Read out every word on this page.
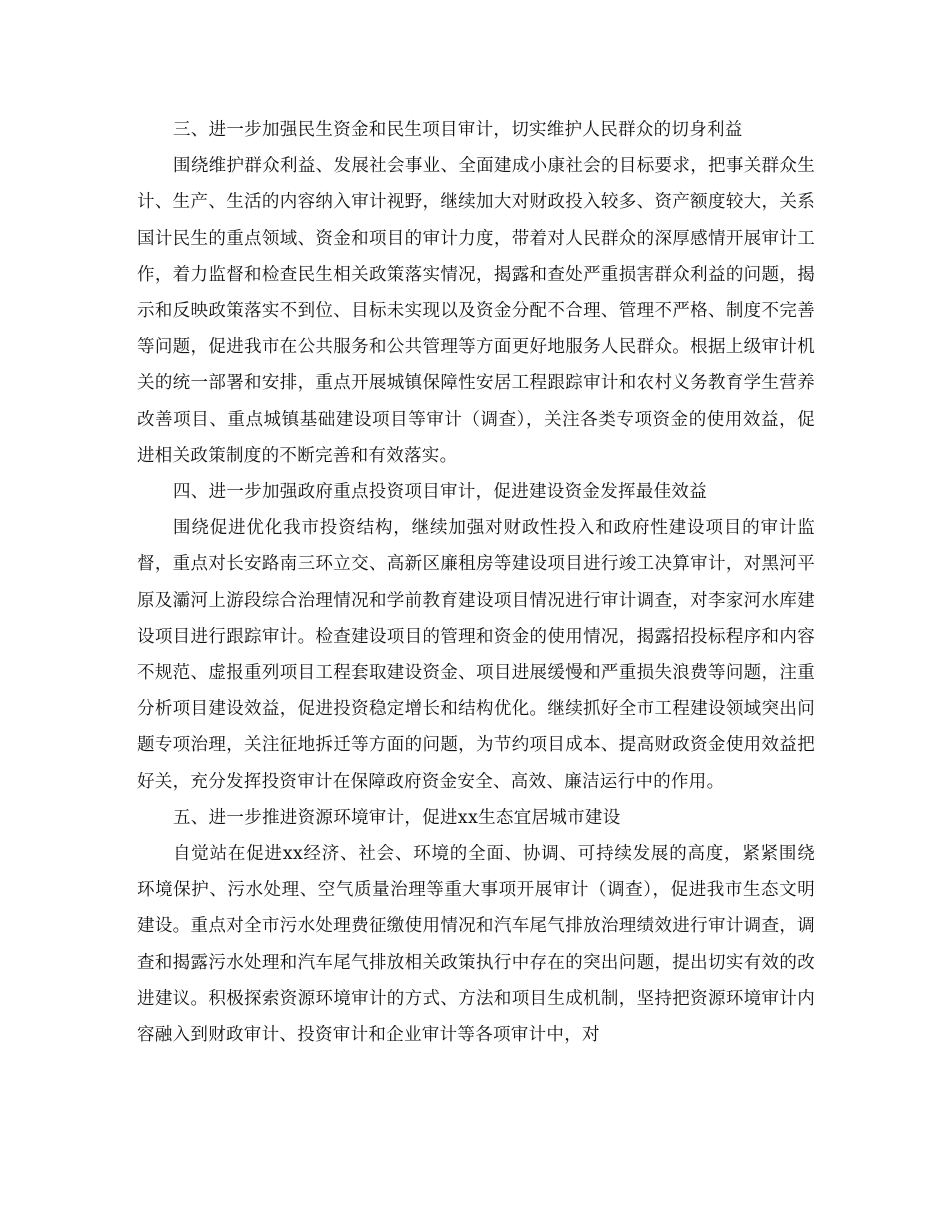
三、进一步加强民生资金和民生项目审计，切实维护人民群众的切身利益

围绕维护群众利益、发展社会事业、全面建成小康社会的目标要求，把事关群众生计、生产、生活的内容纳入审计视野，继续加大对财政投入较多、资产额度较大，关系国计民生的重点领域、资金和项目的审计力度，带着对人民群众的深厚感情开展审计工作，着力监督和检查民生相关政策落实情况，揭露和查处严重损害群众利益的问题，揭示和反映政策落实不到位、目标未实现以及资金分配不合理、管理不严格、制度不完善等问题，促进我市在公共服务和公共管理等方面更好地服务人民群众。根据上级审计机关的统一部署和安排，重点开展城镇保障性安居工程跟踪审计和农村义务教育学生营养改善项目、重点城镇基础建设项目等审计（调查），关注各类专项资金的使用效益，促进相关政策制度的不断完善和有效落实。

四、进一步加强政府重点投资项目审计，促进建设资金发挥最佳效益

围绕促进优化我市投资结构，继续加强对财政性投入和政府性建设项目的审计监督，重点对长安路南三环立交、高新区廉租房等建设项目进行竣工决算审计，对黑河平原及灞河上游段综合治理情况和学前教育建设项目情况进行审计调查，对李家河水库建设项目进行跟踪审计。检查建设项目的管理和资金的使用情况，揭露招投标程序和内容不规范、虚报重列项目工程套取建设资金、项目进展缓慢和严重损失浪费等问题，注重分析项目建设效益，促进投资稳定增长和结构优化。继续抓好全市工程建设领域突出问题专项治理，关注征地拆迁等方面的问题，为节约项目成本、提高财政资金使用效益把好关，充分发挥投资审计在保障政府资金安全、高效、廉洁运行中的作用。

五、进一步推进资源环境审计，促进xx生态宜居城市建设

自觉站在促进xx经济、社会、环境的全面、协调、可持续发展的高度，紧紧围绕环境保护、污水处理、空气质量治理等重大事项开展审计（调查），促进我市生态文明建设。重点对全市污水处理费征缴使用情况和汽车尾气排放治理绩效进行审计调查，调查和揭露污水处理和汽车尾气排放相关政策执行中存在的突出问题，提出切实有效的改进建议。积极探索资源环境审计的方式、方法和项目生成机制，坚持把资源环境审计内容融入到财政审计、投资审计和企业审计等各项审计中，对
